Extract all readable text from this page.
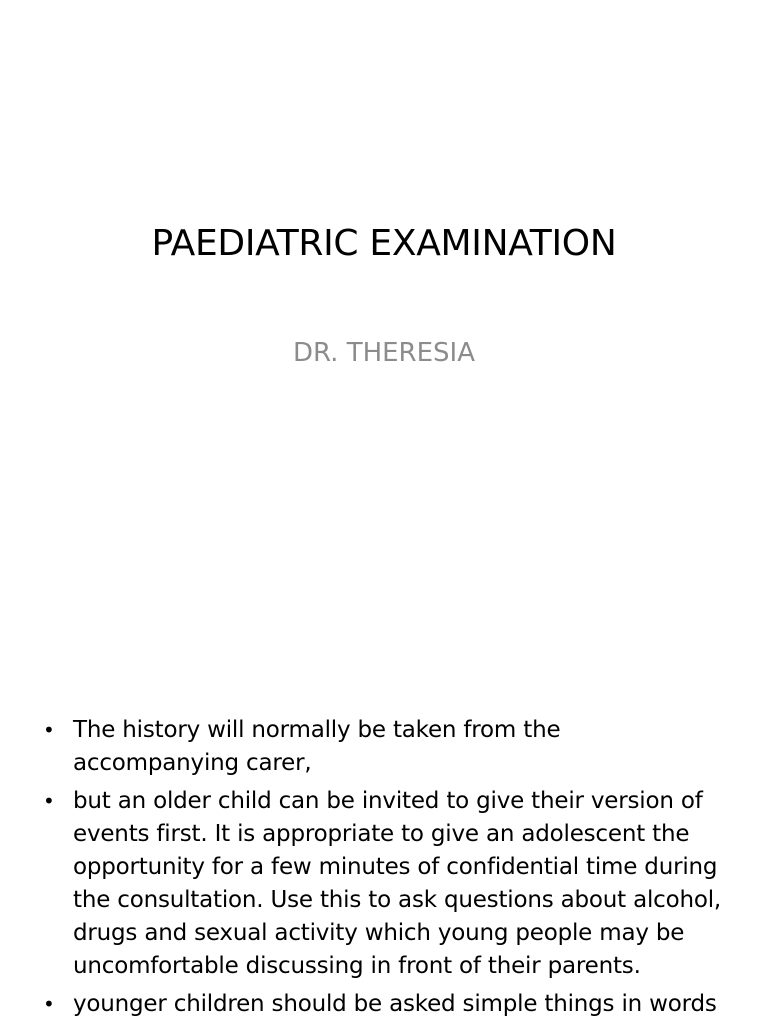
PAEDIATRIC EXAMINATION
DR. THERESIA
• The history will normally be taken from the accompanying carer,
• but an older child can be invited to give their version of events first. It is appropriate to give an adolescent the opportunity for a few minutes of confidential time during the consultation. Use this to ask questions about alcohol, drugs and sexual activity which young people may be uncomfortable discussing in front of their parents.
• younger children should be asked simple things in words
